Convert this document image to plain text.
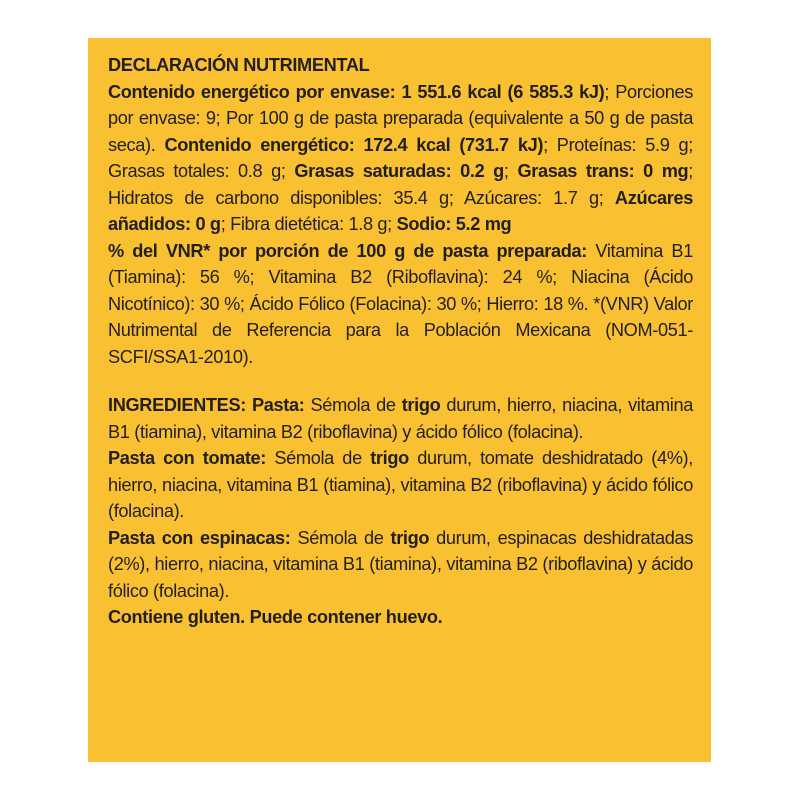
DECLARACIÓN NUTRIMENTAL

Contenido energético por envase: 1 551.6 kcal (6 585.3 kJ); Porciones por envase: 9; Por 100 g de pasta preparada (equivalente a 50 g de pasta seca). Contenido energético: 172.4 kcal (731.7 kJ); Proteínas: 5.9 g; Grasas totales: 0.8 g; Grasas saturadas: 0.2 g; Grasas trans: 0 mg; Hidratos de carbono disponibles: 35.4 g; Azúcares: 1.7 g; Azúcares añadidos: 0 g; Fibra dietética: 1.8 g; Sodio: 5.2 mg

% del VNR* por porción de 100 g de pasta preparada: Vitamina B1 (Tiamina): 56 %; Vitamina B2 (Riboflavina): 24 %; Niacina (Ácido Nicotínico): 30 %; Ácido Fólico (Folacina): 30 %; Hierro: 18 %. *(VNR) Valor Nutrimental de Referencia para la Población Mexicana (NOM-051-SCFI/SSA1-2010).

INGREDIENTES: Pasta: Sémola de trigo durum, hierro, niacina, vitamina B1 (tiamina), vitamina B2 (riboflavina) y ácido fólico (folacina).

Pasta con tomate: Sémola de trigo durum, tomate deshidratado (4%), hierro, niacina, vitamina B1 (tiamina), vitamina B2 (riboflavina) y ácido fólico (folacina).

Pasta con espinacas: Sémola de trigo durum, espinacas deshidratadas (2%), hierro, niacina, vitamina B1 (tiamina), vitamina B2 (riboflavina) y ácido fólico (folacina).

Contiene gluten. Puede contener huevo.
